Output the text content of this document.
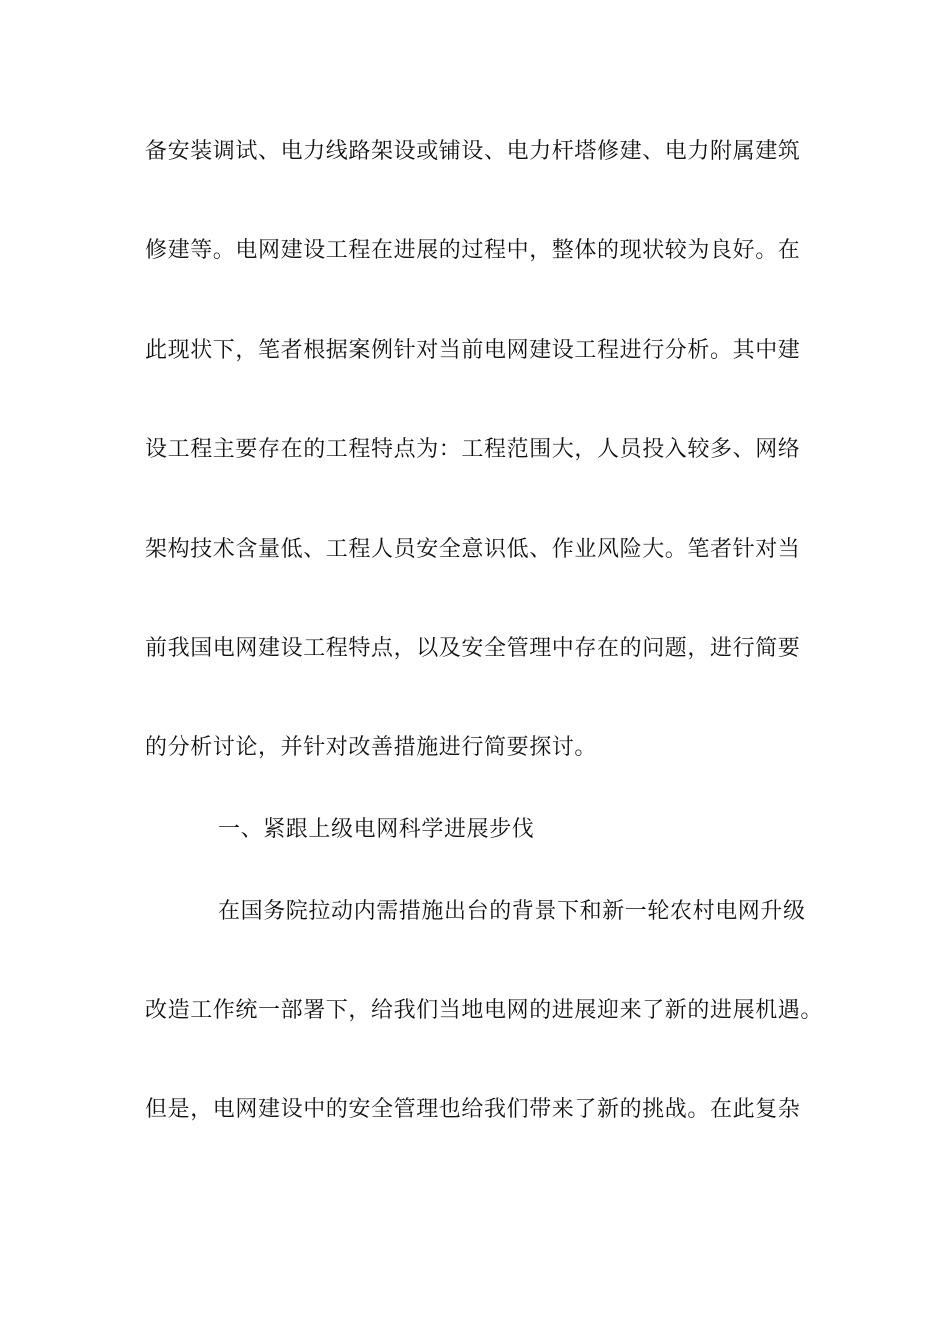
备安装调试、电力线路架设或铺设、电力杆塔修建、电力附属建筑
修建等。电网建设工程在进展的过程中，整体的现状较为良好。在
此现状下，笔者根据案例针对当前电网建设工程进行分析。其中建
设工程主要存在的工程特点为：工程范围大，人员投入较多、网络
架构技术含量低、工程人员安全意识低、作业风险大。笔者针对当
前我国电网建设工程特点，以及安全管理中存在的问题，进行简要
的分析讨论，并针对改善措施进行简要探讨。
一、紧跟上级电网科学进展步伐
在国务院拉动内需措施出台的背景下和新一轮农村电网升级
改造工作统一部署下，给我们当地电网的进展迎来了新的进展机遇。
但是，电网建设中的安全管理也给我们带来了新的挑战。在此复杂
